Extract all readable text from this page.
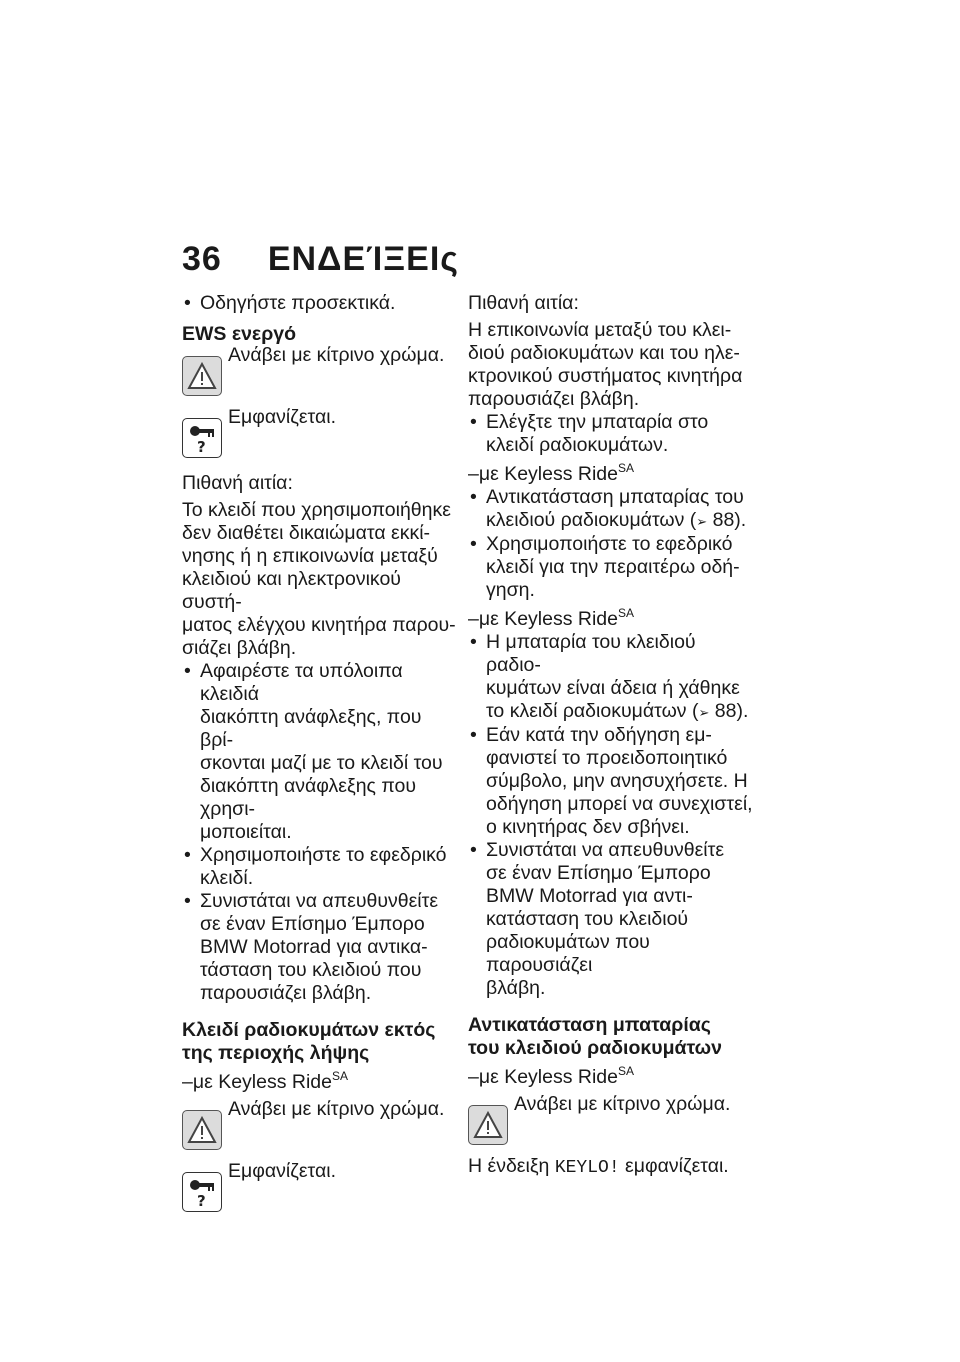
36 ΕΝΔΕΊΞΕΙς

• Οδηγήστε προσεκτικά.

EWS ενεργό

Ανάβει με κίτρινο χρώμα.
?
Εμφανίζεται.

Πιθανή αιτία:

Το κλειδί που χρησιμοποιήθηκε
δεν διαθέτει δικαιώματα εκκί-
νησης ή η επικοινωνία μεταξύ
κλειδιού και ηλεκτρονικού συστή-
ματος ελέγχου κινητήρα παρου-
σιάζει βλάβη.
• Αφαιρέστε τα υπόλοιπα κλειδιά
διακόπτη ανάφλεξης, που βρί-
σκονται μαζί με το κλειδί του
διακόπτη ανάφλεξης που χρησι-
μοποιείται.
• Χρησιμοποιήστε το εφεδρικό
κλειδί.
• Συνιστάται να απευθυνθείτε
σε έναν Επίσημο Έμπορο
BMW Motorrad για αντικα-
τάσταση του κλειδιού που
παρουσιάζει βλάβη.
Κλειδί ραδιοκυμάτων εκτός
της περιοχής λήψης

–με Keyless Ride$^{SA}$

Ανάβει με κίτρινο χρώμα.
?
Εμφανίζεται.

Πιθανή αιτία:

Η επικοινωνία μεταξύ του κλει-
διού ραδιοκυμάτων και του ηλε-
κτρονικού συστήματος κινητήρα
παρουσιάζει βλάβη.
• Ελέγξτε την μπαταρία στο
κλειδί ραδιοκυμάτων.

–με Keyless Ride$^{SA}$

• Αντικατάσταση μπαταρίας του
κλειδιού ραδιοκυμάτων (➢ 88).
• Χρησιμοποιήστε το εφεδρικό
κλειδί για την περαιτέρω οδή-
γηση.

–με Keyless Ride$^{SA}$

• Η μπαταρία του κλειδιού ραδιο-
κυμάτων είναι άδεια ή χάθηκε
το κλειδί ραδιοκυμάτων (➢ 88).
• Εάν κατά την οδήγηση εμ-
φανιστεί το προειδοποιητικό
σύμβολο, μην ανησυχήσετε. Η
οδήγηση μπορεί να συνεχιστεί,
ο κινητήρας δεν σβήνει.
• Συνιστάται να απευθυνθείτε
σε έναν Επίσημο Έμπορο
BMW Motorrad για αντι-
κατάσταση του κλειδιού
ραδιοκυμάτων που παρουσιάζει
βλάβη.
Αντικατάσταση μπαταρίας
του κλειδιού ραδιοκυμάτων

–με Keyless Ride$^{SA}$

Ανάβει με κίτρινο χρώμα.

Η ένδειξη KEYLO! εμφανίζεται.
